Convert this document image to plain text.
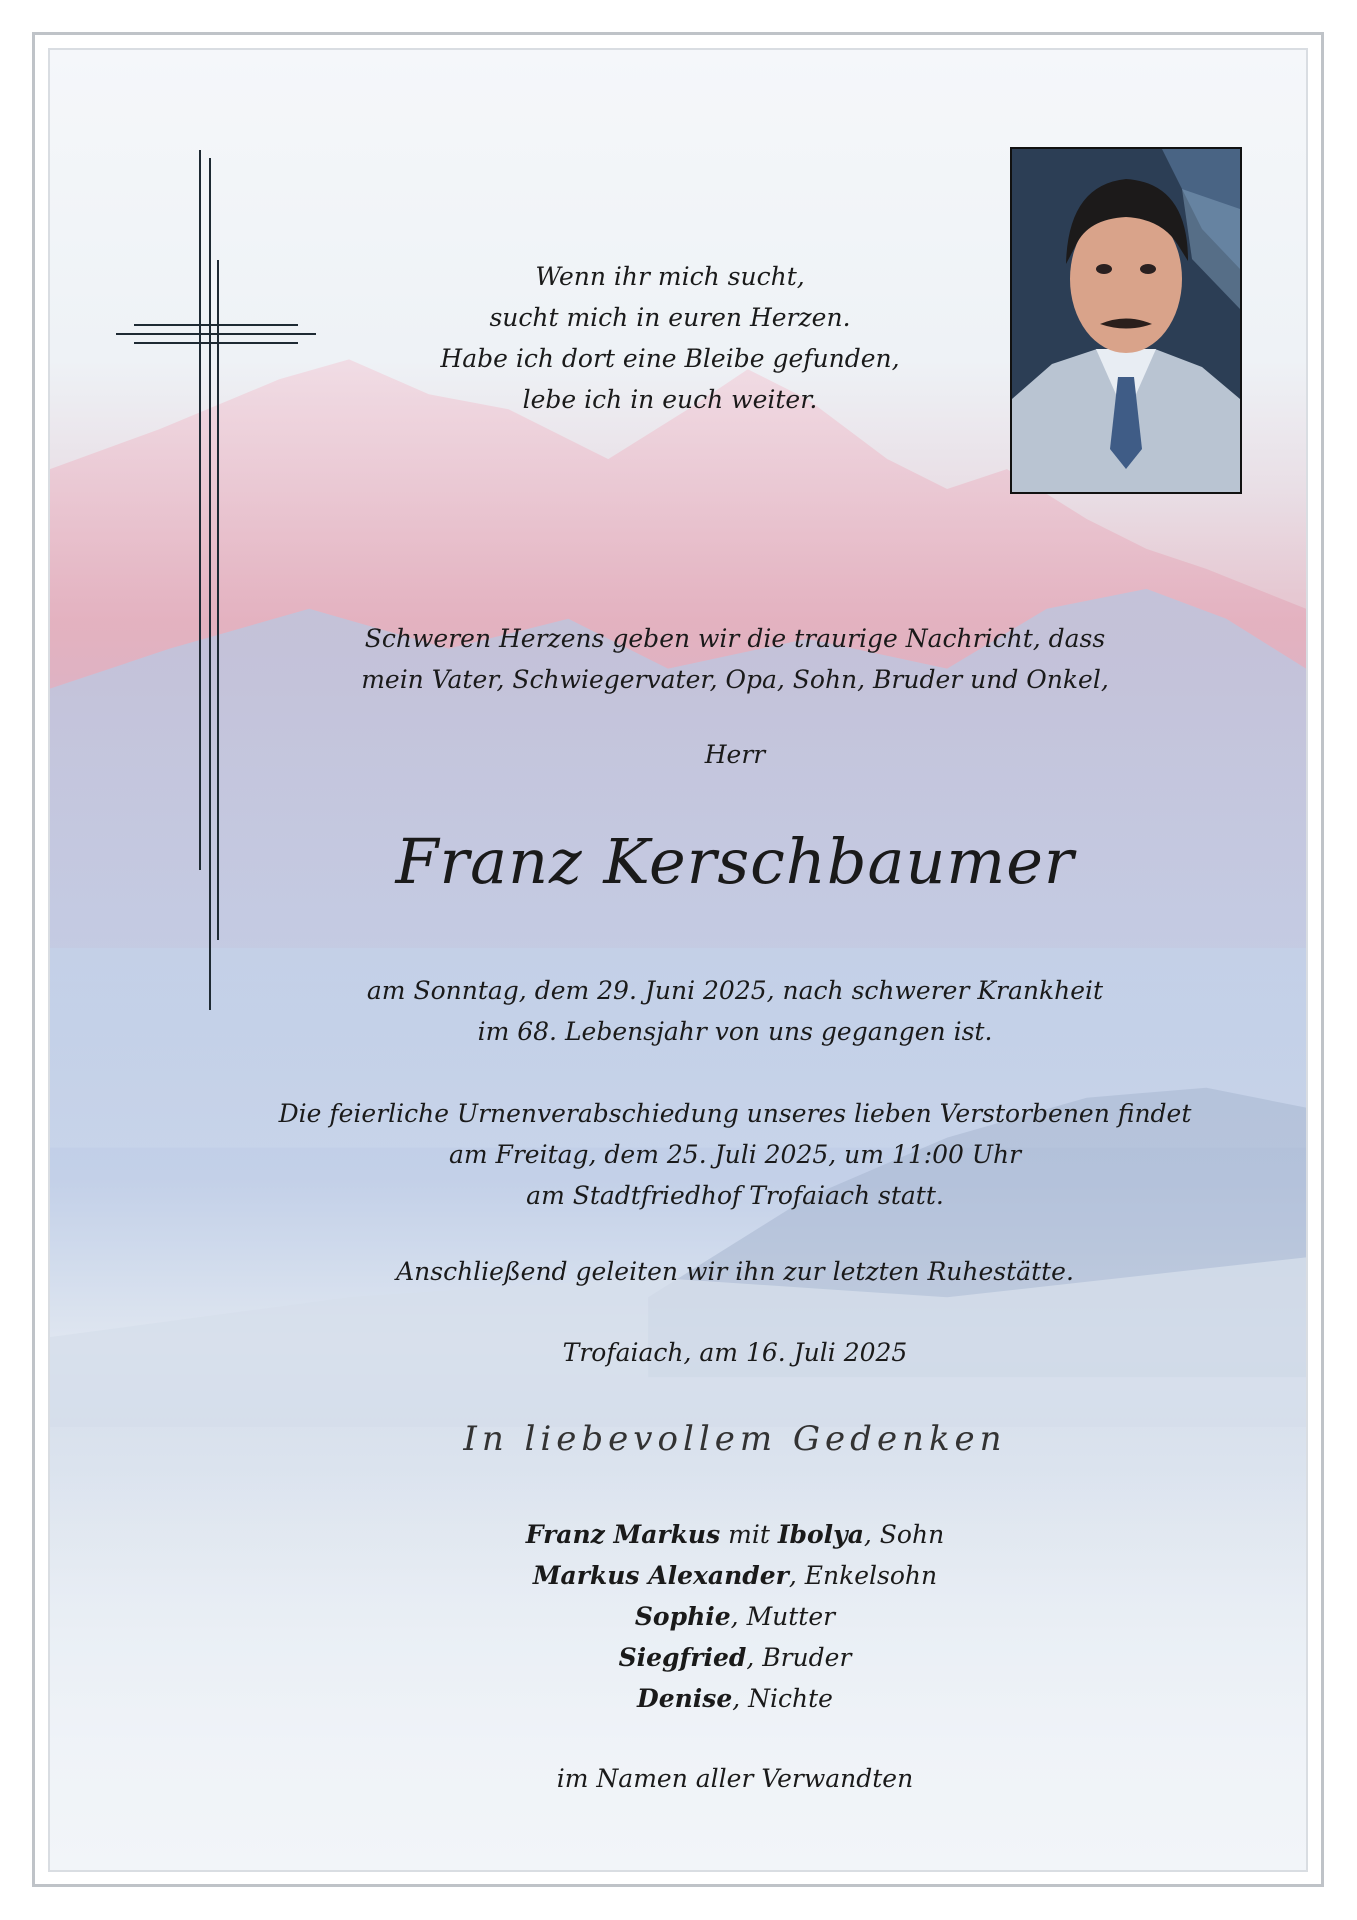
Wenn ihr mich sucht,
sucht mich in euren Herzen.
Habe ich dort eine Bleibe gefunden,
lebe ich in euch weiter.
Schweren Herzens geben wir die traurige Nachricht, dass
mein Vater, Schwiegervater, Opa, Sohn, Bruder und Onkel,
Herr
Franz Kerschbaumer
am Sonntag, dem 29. Juni 2025, nach schwerer Krankheit
im 68. Lebensjahr von uns gegangen ist.
Die feierliche Urnenverabschiedung unseres lieben Verstorbenen findet
am Freitag, dem 25. Juli 2025, um 11:00 Uhr
am Stadtfriedhof Trofaiach statt.
Anschließend geleiten wir ihn zur letzten Ruhestätte.
Trofaiach, am 16. Juli 2025
In liebevollem Gedenken
Franz Markus mit Ibolya, Sohn
Markus Alexander, Enkelsohn
Sophie, Mutter
Siegfried, Bruder
Denise, Nichte
im Namen aller Verwandten
